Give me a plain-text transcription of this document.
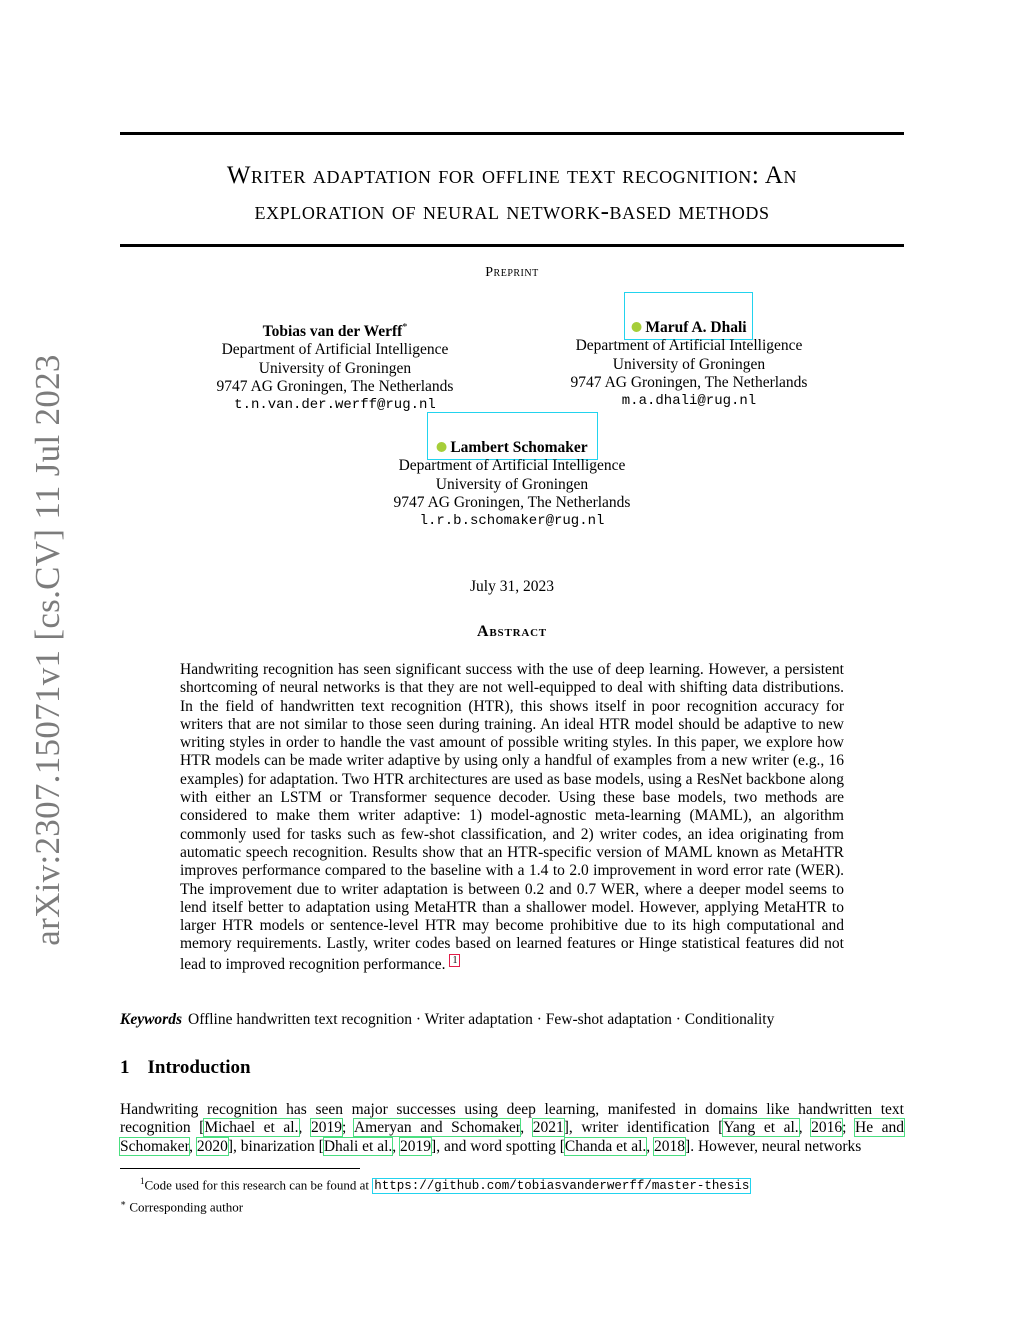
arXiv:2307.15071v1 [cs.CV] 11 Jul 2023
Writer adaptation for offline text recognition: An
exploration of neural network-based methods
Preprint
Tobias van der Werff*
Department of Artificial Intelligence
University of Groningen
9747 AG Groningen, The Netherlands
t.n.van.der.werff@rug.nl
Maruf A. Dhali
Department of Artificial Intelligence
University of Groningen
9747 AG Groningen, The Netherlands
m.a.dhali@rug.nl
Lambert Schomaker
Department of Artificial Intelligence
University of Groningen
9747 AG Groningen, The Netherlands
l.r.b.schomaker@rug.nl
July 31, 2023
Abstract
Handwriting recognition has seen significant success with the use of deep learning. However, a persistent shortcoming of neural networks is that they are not well-equipped to deal with shifting data distributions. In the field of handwritten text recognition (HTR), this shows itself in poor recognition accuracy for writers that are not similar to those seen during training. An ideal HTR model should be adaptive to new writing styles in order to handle the vast amount of possible writing styles. In this paper, we explore how HTR models can be made writer adaptive by using only a handful of examples from a new writer (e.g., 16 examples) for adaptation. Two HTR architectures are used as base models, using a ResNet backbone along with either an LSTM or Transformer sequence decoder. Using these base models, two methods are considered to make them writer adaptive: 1) model-agnostic meta-learning (MAML), an algorithm commonly used for tasks such as few-shot classification, and 2) writer codes, an idea originating from automatic speech recognition. Results show that an HTR-specific version of MAML known as MetaHTR improves performance compared to the baseline with a 1.4 to 2.0 improvement in word error rate (WER). The improvement due to writer adaptation is between 0.2 and 0.7 WER, where a deeper model seems to lend itself better to adaptation using MetaHTR than a shallower model. However, applying MetaHTR to larger HTR models or sentence-level HTR may become prohibitive due to its high computational and memory requirements. Lastly, writer codes based on learned features or Hinge statistical features did not lead to improved recognition performance. 1
Keywords Offline handwritten text recognition · Writer adaptation · Few-shot adaptation · Conditionality
1 Introduction
Handwriting recognition has seen major successes using deep learning, manifested in domains like handwritten text recognition [Michael et al., 2019; Ameryan and Schomaker, 2021], writer identification [Yang et al., 2016; He and Schomaker, 2020], binarization [Dhali et al., 2019], and word spotting [Chanda et al., 2018]. However, neural networks
$^1$Code used for this research can be found at https://github.com/tobiasvanderwerff/master-thesis
∗ Corresponding author
